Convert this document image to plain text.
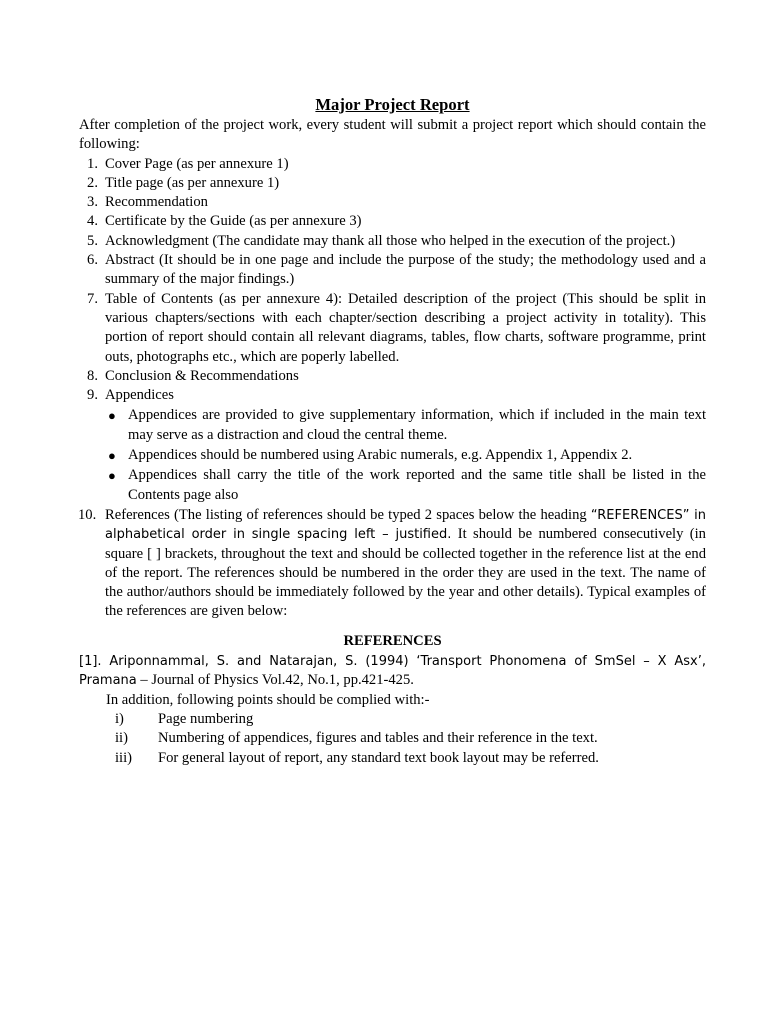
Major Project Report

After completion of the project work, every student will submit a project report which should contain the following:

1. Cover Page (as per annexure 1)
2. Title page (as per annexure 1)
3. Recommendation
4. Certificate by the Guide (as per annexure 3)
5. Acknowledgment (The candidate may thank all those who helped in the execution of the project.)
6. Abstract (It should be in one page and include the purpose of the study; the methodology used and a summary of the major findings.)
7. Table of Contents (as per annexure 4): Detailed description of the project (This should be split in various chapters/sections with each chapter/section describing a project activity in totality). This portion of report should contain all relevant diagrams, tables, flow charts, software programme, print outs, photographs etc., which are poperly labelled.
8. Conclusion & Recommendations
9. Appendices
● Appendices are provided to give supplementary information, which if included in the main text may serve as a distraction and cloud the central theme.
● Appendices should be numbered using Arabic numerals, e.g. Appendix 1, Appendix 2.
● Appendices shall carry the title of the work reported and the same title shall be listed in the Contents page also
10. References (The listing of references should be typed 2 spaces below the heading “REFERENCES” in alphabetical order in single spacing left – justified. It should be numbered consecutively (in square [ ] brackets, throughout the text and should be collected together in the reference list at the end of the report. The references should be numbered in the order they are used in the text. The name of the author/authors should be immediately followed by the year and other details). Typical examples of the references are given below:
REFERENCES

[1]. Ariponnammal, S. and Natarajan, S. (1994) ‘Transport Phonomena of SmSel – X Asx’, Pramana – Journal of Physics Vol.42, No.1, pp.421-425.

In addition, following points should be complied with:-

i) Page numbering
ii) Numbering of appendices, figures and tables and their reference in the text.
iii) For general layout of report, any standard text book layout may be referred.
